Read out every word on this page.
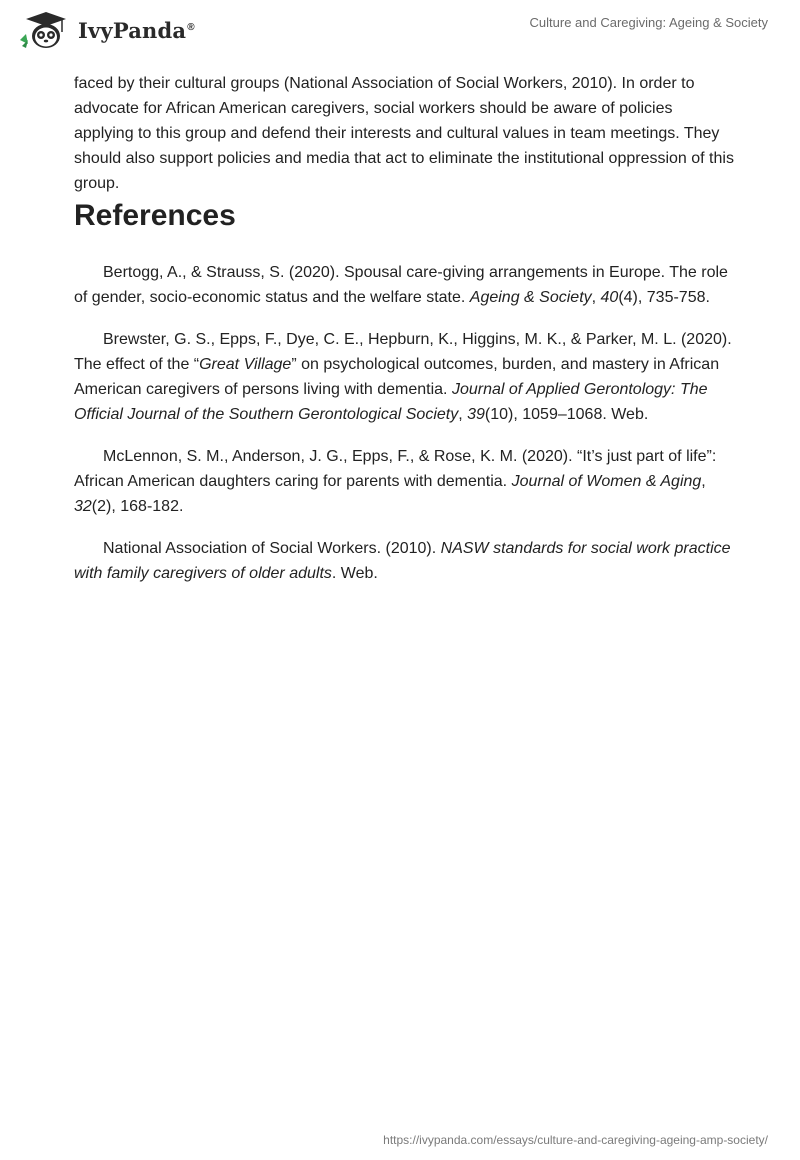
IvyPanda®	Culture and Caregiving: Ageing & Society

faced by their cultural groups (National Association of Social Workers, 2010). In order to advocate for African American caregivers, social workers should be aware of policies applying to this group and defend their interests and cultural values in team meetings. They should also support policies and media that act to eliminate the institutional oppression of this group.

References

Bertogg, A., & Strauss, S. (2020). Spousal care-giving arrangements in Europe. The role of gender, socio-economic status and the welfare state. Ageing & Society, 40(4), 735-758.

Brewster, G. S., Epps, F., Dye, C. E., Hepburn, K., Higgins, M. K., & Parker, M. L. (2020). The effect of the “Great Village” on psychological outcomes, burden, and mastery in African American caregivers of persons living with dementia. Journal of Applied Gerontology: The Official Journal of the Southern Gerontological Society, 39(10), 1059–1068. Web.

McLennon, S. M., Anderson, J. G., Epps, F., & Rose, K. M. (2020). “It’s just part of life”: African American daughters caring for parents with dementia. Journal of Women & Aging, 32(2), 168-182.

National Association of Social Workers. (2010). NASW standards for social work practice with family caregivers of older adults. Web.

https://ivypanda.com/essays/culture-and-caregiving-ageing-amp-society/
